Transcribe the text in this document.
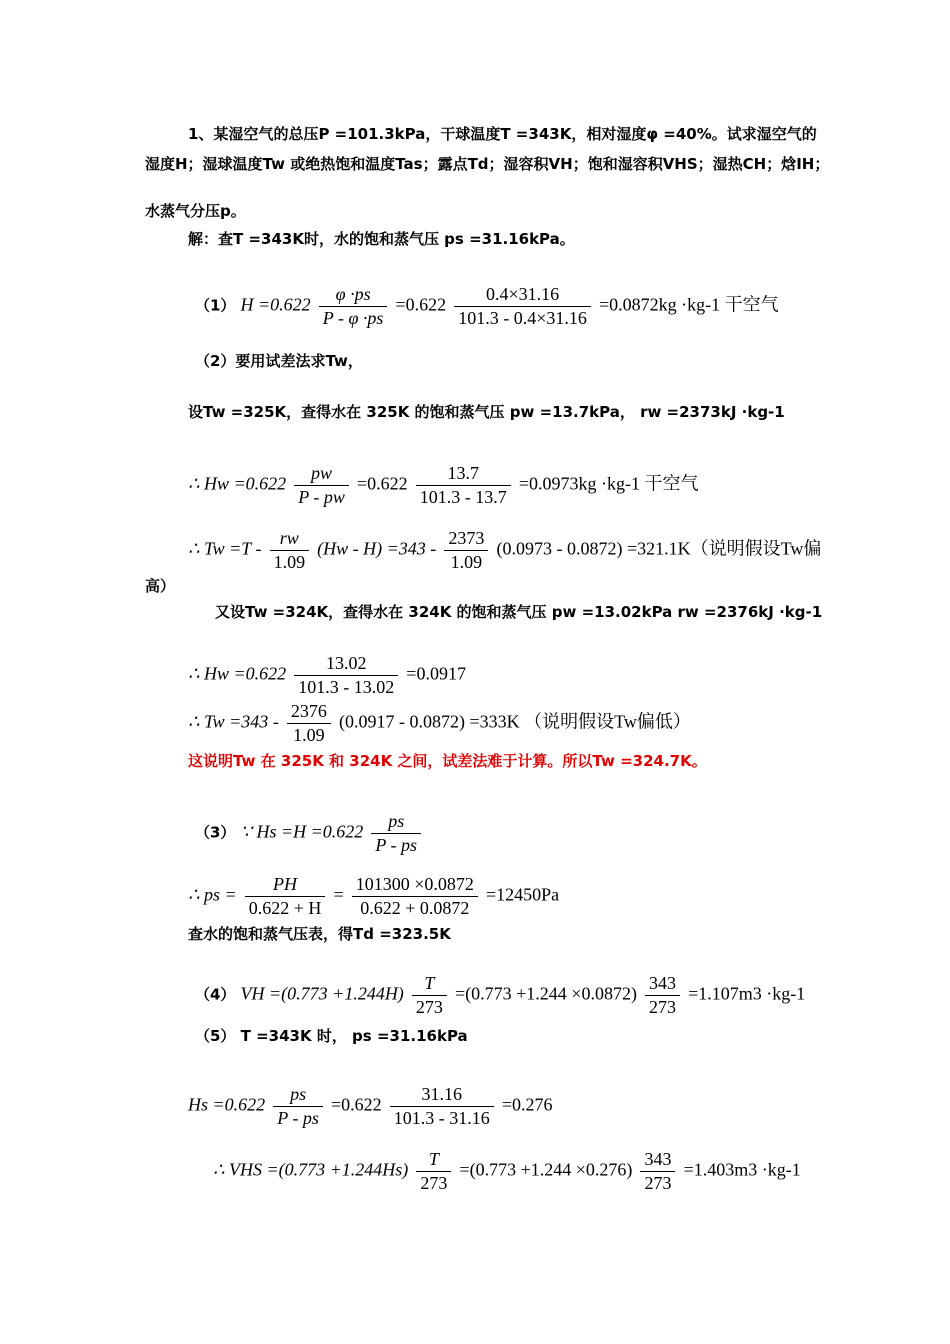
1、某湿空气的总压P =101.3kPa，干球温度T =343K，相对湿度φ =40%。试求湿空气的
湿度H；湿球温度Tw 或绝热饱和温度Tas；露点Td；湿容积VH；饱和湿容积VHS；湿热CH；焓IH；
水蒸气分压p。
解：查T =343K时，水的饱和蒸气压 ps =31.16kPa。
（1） $H =0.622 \frac{\varphi \cdot ps}{P - \varphi \cdot ps} =0.622 \frac{0.4\times 31.16}{101.3 - 0.4\times 31.16} =0.0872kg \cdot kg-1$ 干空气
（2）要用试差法求Tw，
设Tw =325K，查得水在 325K 的饱和蒸气压 pw =13.7kPa， rw =2373kJ ·kg-1
∴ $Hw =0.622 \frac{pw}{P - pw} =0.622 \frac{13.7}{101.3 - 13.7} =0.0973kg \cdot kg-1$ 干空气
∴ $Tw =T - \frac{rw}{1.09} (Hw - H) =343 - \frac{2373}{1.09} (0.0973 - 0.0872) =321.1K$（说明假设Tw偏
高）
又设Tw =324K，查得水在 324K 的饱和蒸气压 pw =13.02kPa rw =2376kJ ·kg-1
∴ $Hw =0.622 \frac{13.02}{101.3 - 13.02} =0.0917$
∴ $Tw =343 - \frac{2376}{1.09} (0.0917 - 0.0872) =333K$ （说明假设Tw偏低）
这说明Tw 在 325K 和 324K 之间，试差法难于计算。所以Tw =324.7K。
（3） ∵ $Hs =H =0.622 \frac{ps}{P - ps}$
∴ ps = $\frac{PH}{0.622 + H} = \frac{101300 \times 0.0872}{0.622 + 0.0872} =12450Pa$
查水的饱和蒸气压表，得Td =323.5K
（4） VH $=(0.773 +1.244H) \frac{T}{273} =(0.773 +1.244 \times 0.0872) \frac{343}{273} =1.107m3 \cdot kg-1$
（5） T =343K 时， ps =31.16kPa
$Hs =0.622 \frac{ps}{P - ps} =0.622 \frac{31.16}{101.3 - 31.16} =0.276$
∴ VHS $=(0.773 +1.244Hs) \frac{T}{273} =(0.773 +1.244 \times 0.276) \frac{343}{273} =1.403m3 \cdot kg-1$
